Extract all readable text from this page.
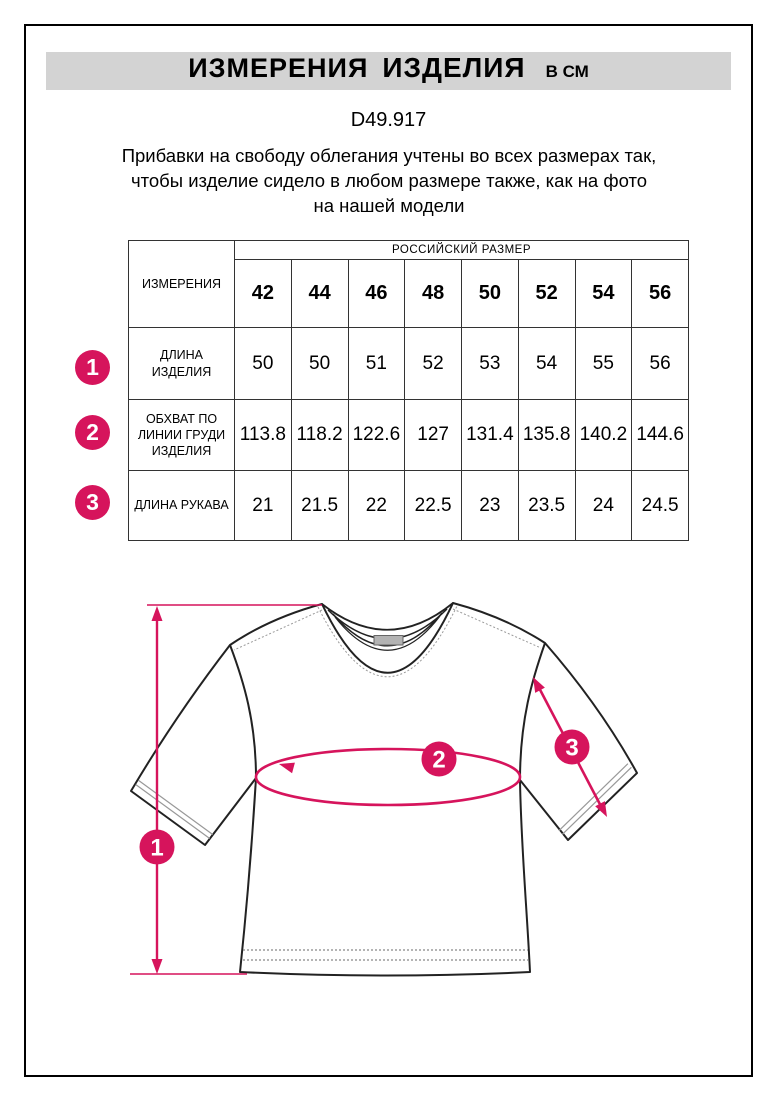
ИЗМЕРЕНИЯ ИЗДЕЛИЯ В СМ
D49.917
Прибавки на свободу облегания учтены во всех размерах так,
чтобы изделие сидело в любом размере также, как на фото
на нашей модели
ИЗМЕРЕНИЯ	РОССИЙСКИЙ РАЗМЕР							
	42	44	46	48	50	52	54	56
ДЛИНА ИЗДЕЛИЯ	50	50	51	52	53	54	55	56
ОБХВАТ ПО ЛИНИИ ГРУДИ ИЗДЕЛИЯ	113.8	118.2	122.6	127	131.4	135.8	140.2	144.6
ДЛИНА РУКАВА	21	21.5	22	22.5	23	23.5	24	24.5
1
2
3
1
2	3
